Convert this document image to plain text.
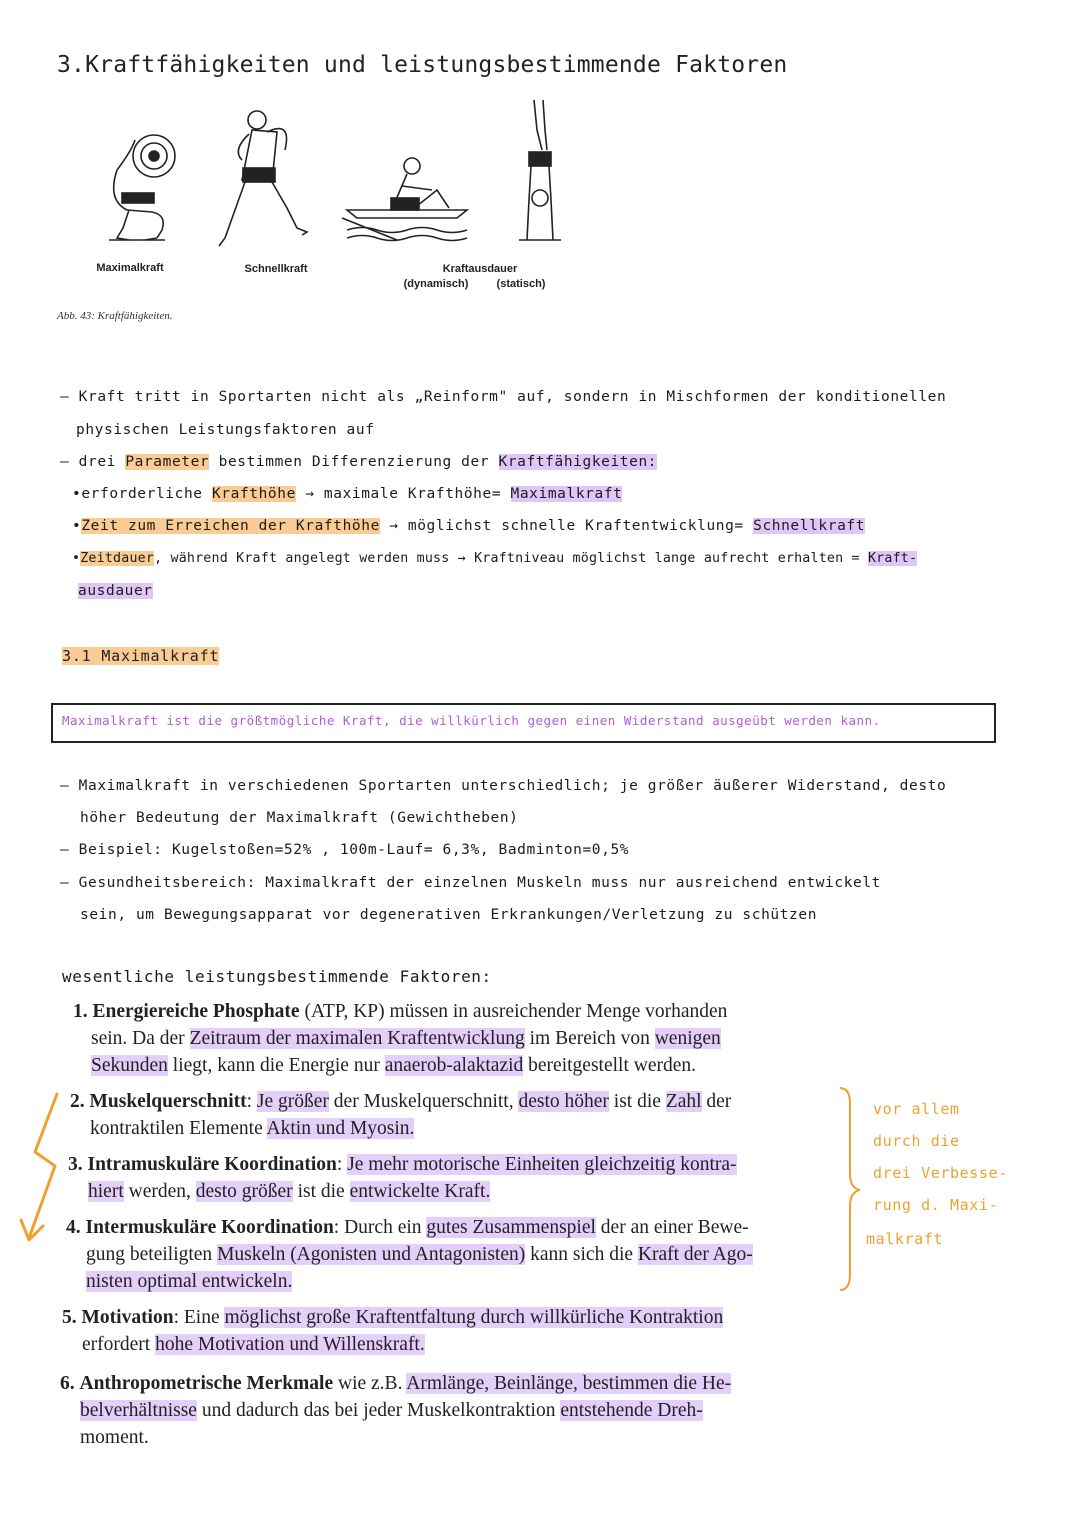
3.Kraftfähigkeiten und leistungsbestimmende Faktoren
Maximalkraft	Schnellkraft	Kraftausdauer
(dynamisch)	(statisch)
Abb. 43: Kraftfähigkeiten.
– Kraft tritt in Sportarten nicht als „Reinform" auf, sondern in Mischformen der konditionellen
physischen Leistungsfaktoren auf
– drei Parameter bestimmen Differenzierung der Kraftfähigkeiten:
•erforderliche Krafthöhe → maximale Krafthöhe= Maximalkraft
•Zeit zum Erreichen der Krafthöhe → möglichst schnelle Kraftentwicklung= Schnellkraft
•Zeitdauer, während Kraft angelegt werden muss → Kraftniveau möglichst lange aufrecht erhalten = Kraft-
ausdauer
3.1 Maximalkraft
Maximalkraft ist die größtmögliche Kraft, die willkürlich gegen einen Widerstand ausgeübt werden kann.
– Maximalkraft in verschiedenen Sportarten unterschiedlich; je größer äußerer Widerstand, desto
höher Bedeutung der Maximalkraft (Gewichtheben)
– Beispiel: Kugelstoßen=52% , 100m-Lauf= 6,3%, Badminton=0,5%
– Gesundheitsbereich: Maximalkraft der einzelnen Muskeln muss nur ausreichend entwickelt
sein, um Bewegungsapparat vor degenerativen Erkrankungen/Verletzung zu schützen
wesentliche leistungsbestimmende Faktoren:
1. Energiereiche Phosphate (ATP, KP) müssen in ausreichender Menge vorhanden
sein. Da der Zeitraum der maximalen Kraftentwicklung im Bereich von wenigen
Sekunden liegt, kann die Energie nur anaerob-alaktazid bereitgestellt werden.
2. Muskelquerschnitt: Je größer der Muskelquerschnitt, desto höher ist die Zahl der
kontraktilen Elemente Aktin und Myosin.
3. Intramuskuläre Koordination: Je mehr motorische Einheiten gleichzeitig kontra-
hiert werden, desto größer ist die entwickelte Kraft.
4. Intermuskuläre Koordination: Durch ein gutes Zusammenspiel der an einer Bewe-
gung beteiligten Muskeln (Agonisten und Antagonisten) kann sich die Kraft der Ago-
nisten optimal entwickeln.
5. Motivation: Eine möglichst große Kraftentfaltung durch willkürliche Kontraktion
erfordert hohe Motivation und Willenskraft.
6. Anthropometrische Merkmale wie z.B. Armlänge, Beinlänge, bestimmen die He-
belverhältnisse und dadurch das bei jeder Muskelkontraktion entstehende Dreh-
moment.
vor allem
durch die
drei Verbesse-
rung d. Maxi-
malkraft
